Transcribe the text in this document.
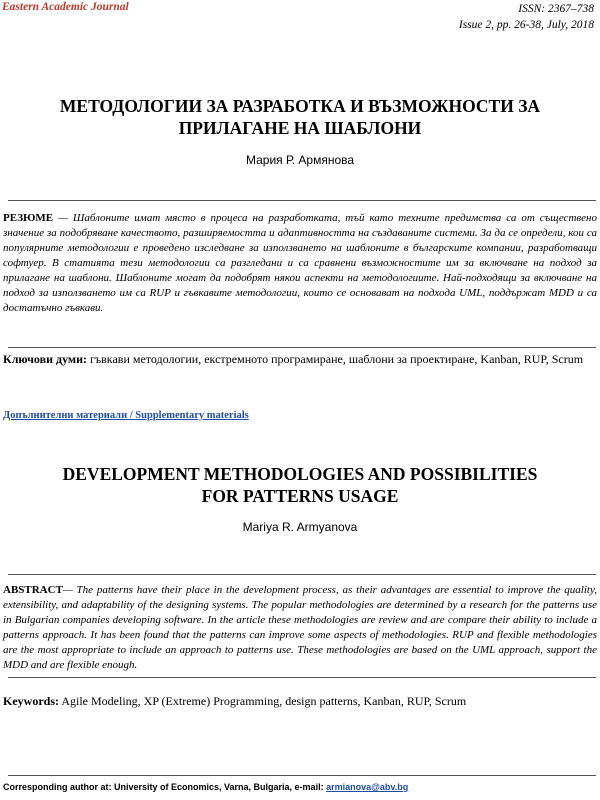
Eastern Academic Journal	ISSN: 2367–738
Issue 2, pp. 26-38, July, 2018
МЕТОДОЛОГИИ ЗА РАЗРАБОТКА И ВЪЗМОЖНОСТИ ЗА
ПРИЛАГАНЕ НА ШАБЛОНИ
Мария Р. Армянова
РЕЗЮМЕ — Шаблоните имат място в процеса на разработката, тъй като техните предимства са от съществено значение за подобряване качеството, разширяемостта и адаптивността на създаваните системи. За да се определи, кои са популярните методологии е проведено изследване за използването на шаблоните в българските компании, разработващи софтуер. В статията тези методологии са разгледани и са сравнени възможностите им за включване на подход за прилагане на шаблони. Шаблоните могат да подобрят някои аспекти на методологиите. Най-подходящи за включване на подход за използването им са RUP и гъвкавите методологии, които се основават на подхода UML, поддържат MDD и са достатъчно гъвкави.
Ключови думи: гъвкави методологии, екстремното програмиране, шаблони за проектиране, Kanban, RUP, Scrum
Допълнителни материали / Supplementary materials
DEVELOPMENT METHODOLOGIES AND POSSIBILITIES
FOR PATTERNS USAGE
Mariya R. Armyanova
ABSTRACT— The patterns have their place in the development process, as their advantages are essential to improve the quality, extensibility, and adaptability of the designing systems. The popular methodologies are determined by a research for the patterns use in Bulgarian companies developing software. In the article these methodologies are review and are compare their ability to include a patterns approach. It has been found that the patterns can improve some aspects of methodologies. RUP and flexible methodologies are the most appropriate to include an approach to patterns use. These methodologies are based on the UML approach, support the MDD and are flexible enough.
Keywords: Agile Modeling, XP (Extreme) Programming, design patterns, Kanban, RUP, Scrum
Corresponding author at: University of Economics, Varna, Bulgaria, e-mail: armianova@abv.bg
